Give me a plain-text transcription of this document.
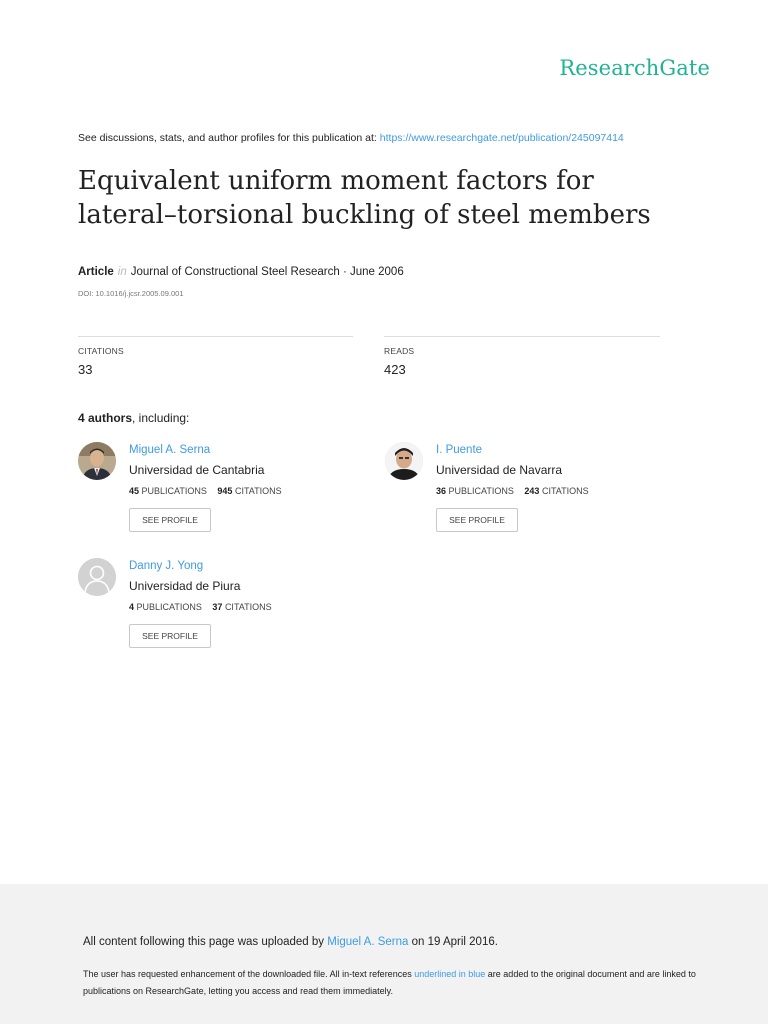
ResearchGate
See discussions, stats, and author profiles for this publication at: https://www.researchgate.net/publication/245097414
Equivalent uniform moment factors for
lateral–torsional buckling of steel members
Article in Journal of Constructional Steel Research · June 2006
DOI: 10.1016/j.jcsr.2005.09.001
CITATIONS
33
READS
423
4 authors, including:
Miguel A. Serna
Universidad de Cantabria
45 PUBLICATIONS 945 CITATIONS
SEE PROFILE
I. Puente
Universidad de Navarra
36 PUBLICATIONS 243 CITATIONS
SEE PROFILE
Danny J. Yong
Universidad de Piura
4 PUBLICATIONS 37 CITATIONS
SEE PROFILE
All content following this page was uploaded by Miguel A. Serna on 19 April 2016.
The user has requested enhancement of the downloaded file. All in-text references underlined in blue are added to the original document and are linked to publications on ResearchGate, letting you access and read them immediately.
